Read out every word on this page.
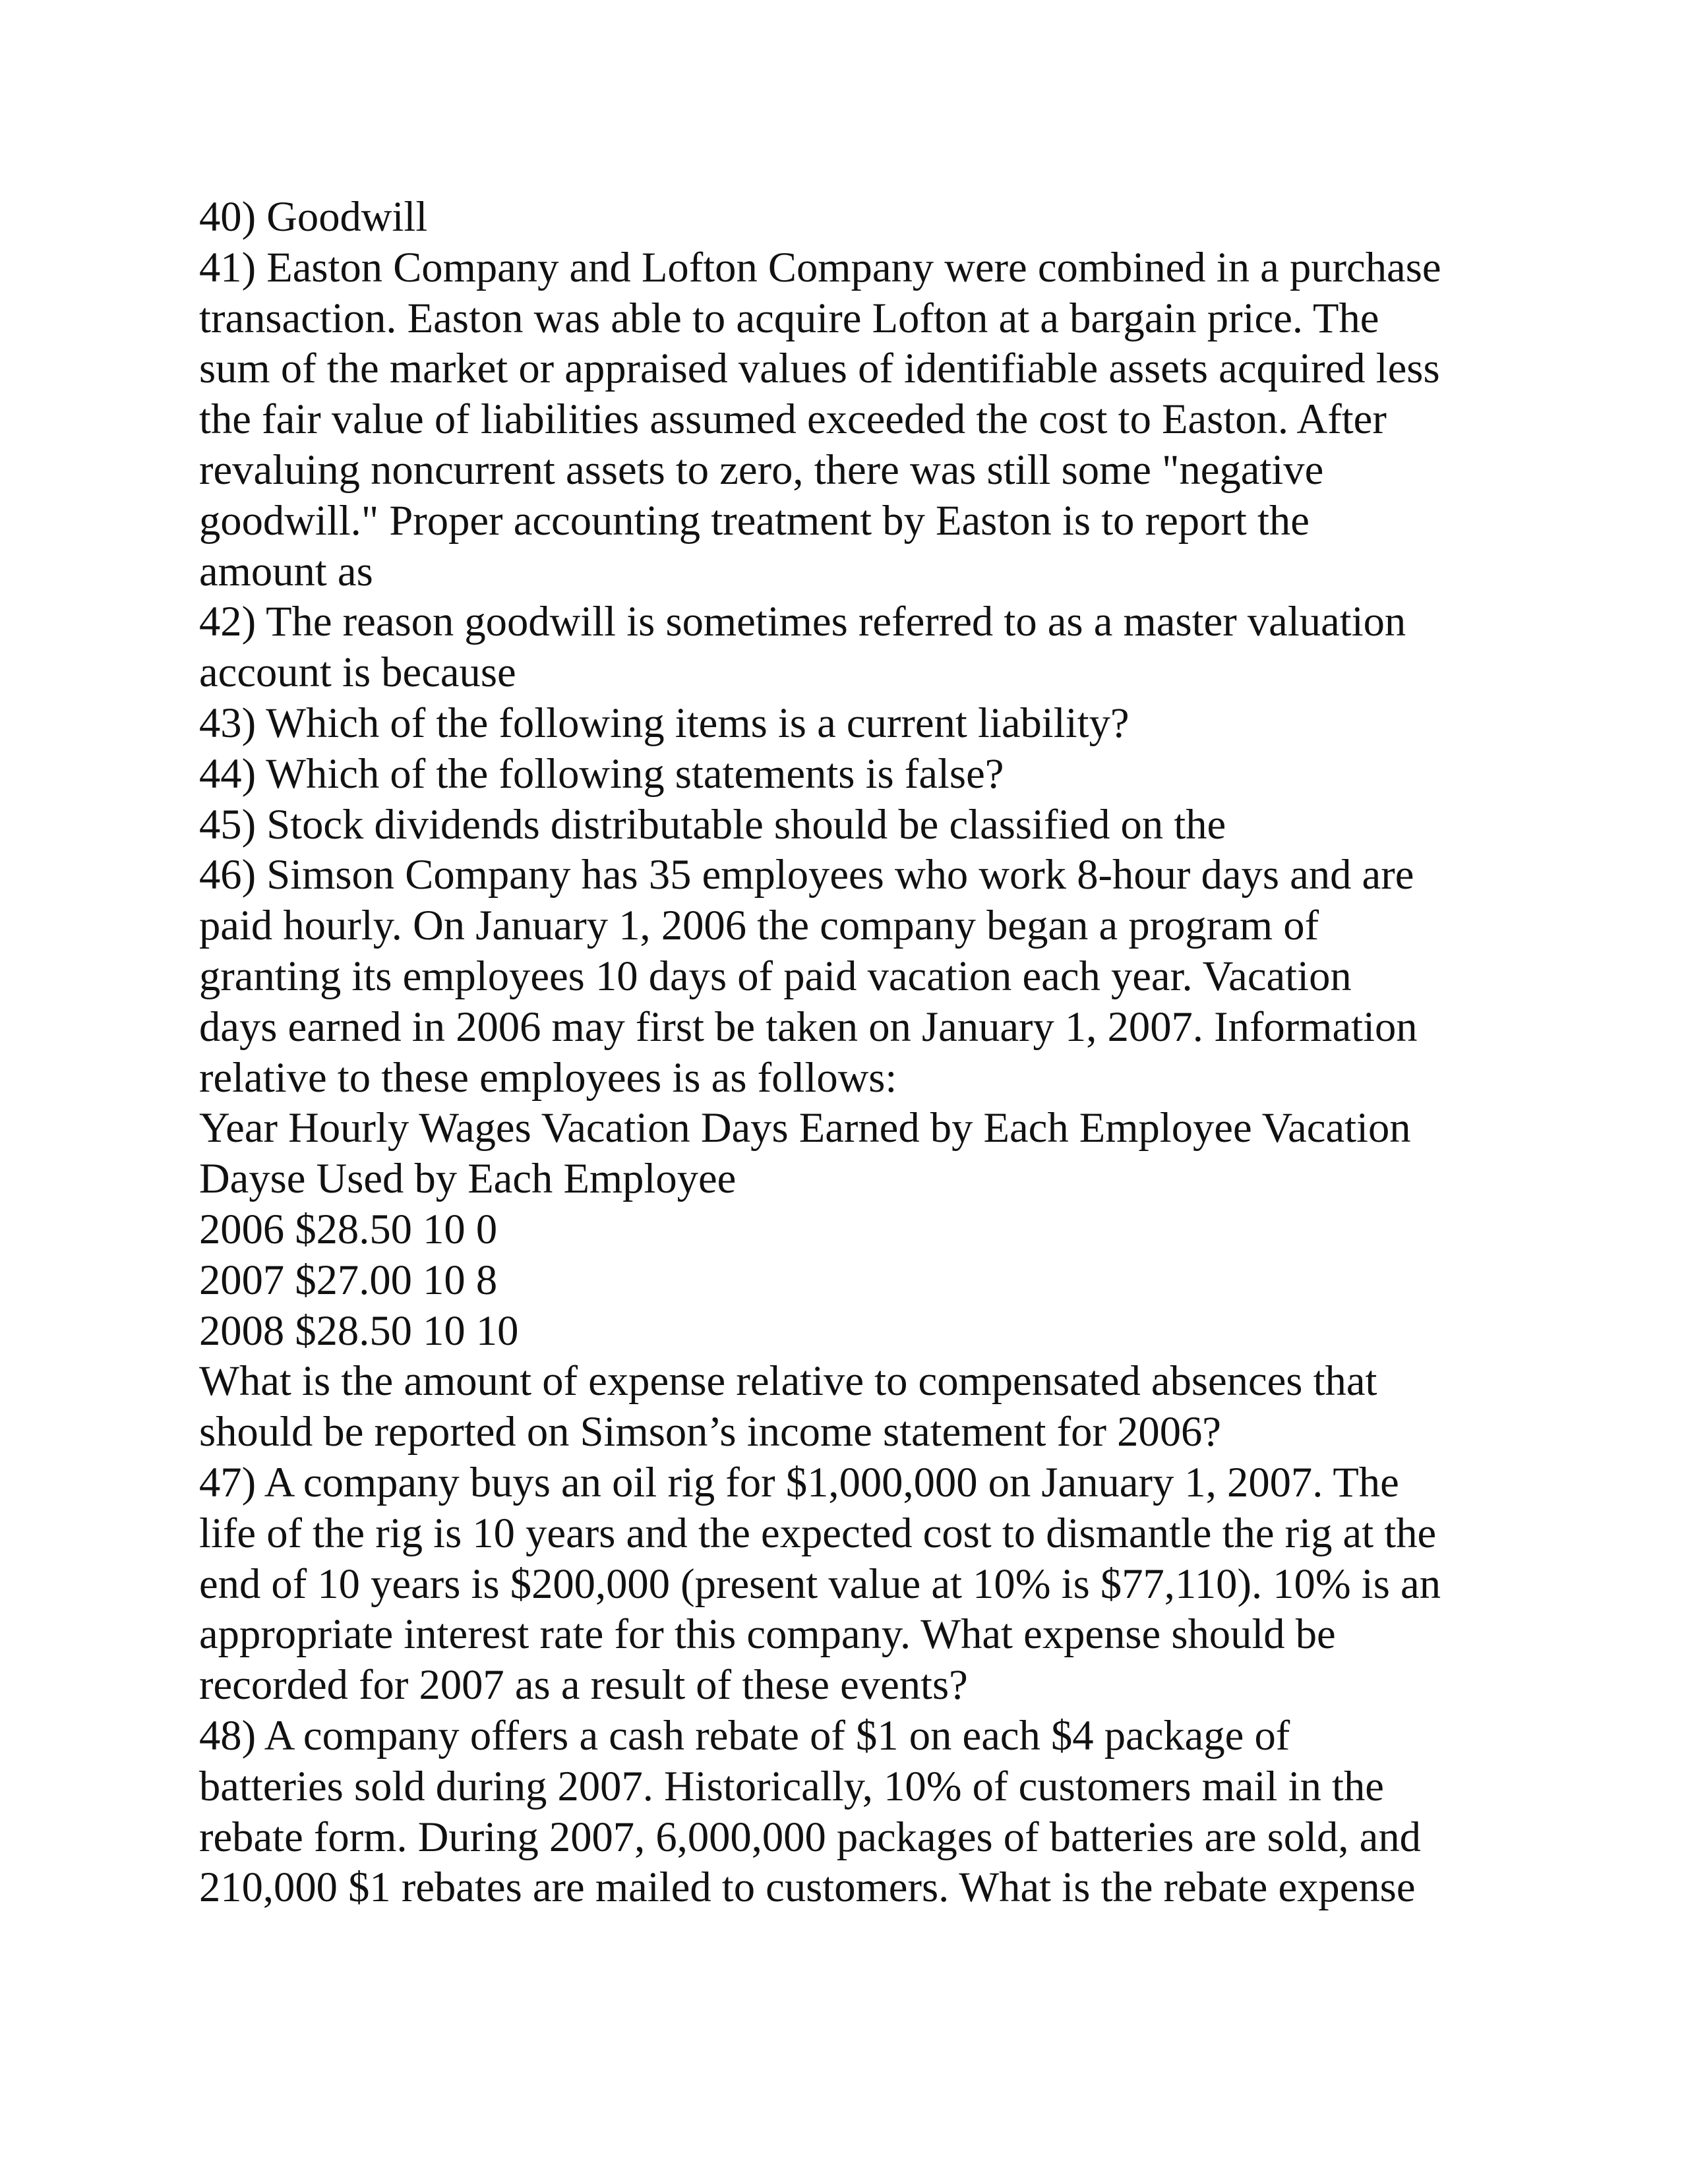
40) Goodwill
41) Easton Company and Lofton Company were combined in a purchase
transaction. Easton was able to acquire Lofton at a bargain price. The
sum of the market or appraised values of identifiable assets acquired less
the fair value of liabilities assumed exceeded the cost to Easton. After
revaluing noncurrent assets to zero, there was still some "negative
goodwill." Proper accounting treatment by Easton is to report the
amount as
42) The reason goodwill is sometimes referred to as a master valuation
account is because
43) Which of the following items is a current liability?
44) Which of the following statements is false?
45) Stock dividends distributable should be classified on the
46) Simson Company has 35 employees who work 8-hour days and are
paid hourly. On January 1, 2006 the company began a program of
granting its employees 10 days of paid vacation each year. Vacation
days earned in 2006 may first be taken on January 1, 2007. Information
relative to these employees is as follows:
Year Hourly Wages Vacation Days Earned by Each Employee Vacation
Dayse Used by Each Employee
2006 $28.50 10 0
2007 $27.00 10 8
2008 $28.50 10 10
What is the amount of expense relative to compensated absences that
should be reported on Simson’s income statement for 2006?
47) A company buys an oil rig for $1,000,000 on January 1, 2007. The
life of the rig is 10 years and the expected cost to dismantle the rig at the
end of 10 years is $200,000 (present value at 10% is $77,110). 10% is an
appropriate interest rate for this company. What expense should be
recorded for 2007 as a result of these events?
48) A company offers a cash rebate of $1 on each $4 package of
batteries sold during 2007. Historically, 10% of customers mail in the
rebate form. During 2007, 6,000,000 packages of batteries are sold, and
210,000 $1 rebates are mailed to customers. What is the rebate expense
